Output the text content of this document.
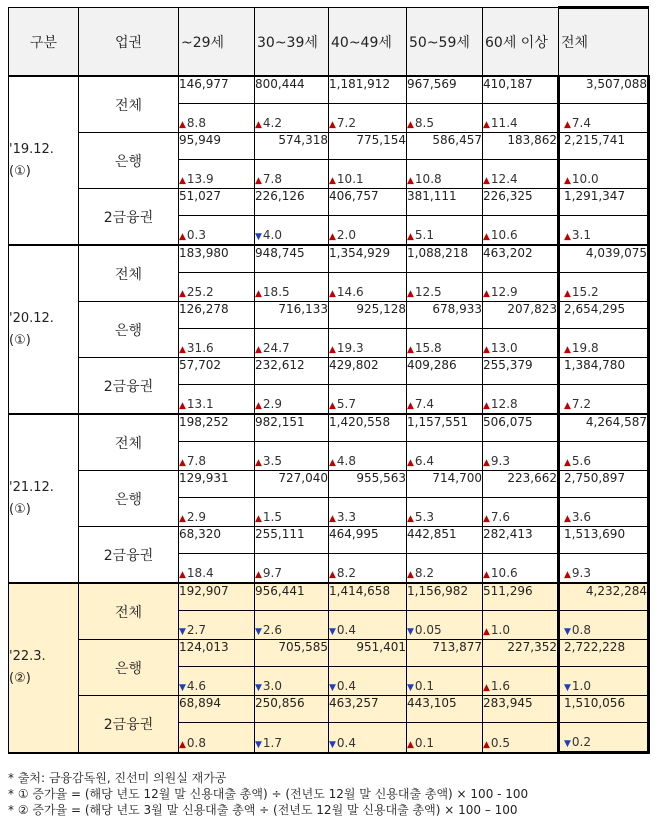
구분	업권	~29세	30~39세	40~49세	50~59세	60세 이상	전체

'19.12.
(①)	전체	146,977	800,444	1,181,912	967,569	410,187	3,507,088
		▲8.8	▲4.2	▲7.2	▲8.5	▲11.4	▲7.4
	은행	95,949	574,318	775,154	586,457	183,862	2,215,741
		▲13.9	▲7.8	▲10.1	▲10.8	▲12.4	▲10.0
	2금융권	51,027	226,126	406,757	381,111	226,325	1,291,347
		▲0.3	▼4.0	▲2.0	▲5.1	▲10.6	▲3.1

'20.12.
(①)	전체	183,980	948,745	1,354,929	1,088,218	463,202	4,039,075
		▲25.2	▲18.5	▲14.6	▲12.5	▲12.9	▲15.2
	은행	126,278	716,133	925,128	678,933	207,823	2,654,295
		▲31.6	▲24.7	▲19.3	▲15.8	▲13.0	▲19.8
	2금융권	57,702	232,612	429,802	409,286	255,379	1,384,780
		▲13.1	▲2.9	▲5.7	▲7.4	▲12.8	▲7.2

'21.12.
(①)	전체	198,252	982,151	1,420,558	1,157,551	506,075	4,264,587
		▲7.8	▲3.5	▲4.8	▲6.4	▲9.3	▲5.6
	은행	129,931	727,040	955,563	714,700	223,662	2,750,897
		▲2.9	▲1.5	▲3.3	▲5.3	▲7.6	▲3.6
	2금융권	68,320	255,111	464,995	442,851	282,413	1,513,690
		▲18.4	▲9.7	▲8.2	▲8.2	▲10.6	▲9.3

'22.3.
(②)	전체	192,907	956,441	1,414,658	1,156,982	511,296	4,232,284
		▼2.7	▼2.6	▼0.4	▼0.05	▲1.0	▼0.8
	은행	124,013	705,585	951,401	713,877	227,352	2,722,228
		▼4.6	▼3.0	▼0.4	▼0.1	▲1.6	▼1.0
	2금융권	68,894	250,856	463,257	443,105	283,945	1,510,056
		▲0.8	▼1.7	▼0.4	▲0.1	▲0.5	▼0.2
* 출처: 금융감독원, 진선미 의원실 재가공
* ① 증가율 = (해당 년도 12월 말 신용대출 총액) ÷ (전년도 12월 말 신용대출 총액) × 100 - 100
* ② 증가율 = (해당 년도 3월 말 신용대출 총액 ÷ (전년도 12월 말 신용대출 총액) × 100 – 100
